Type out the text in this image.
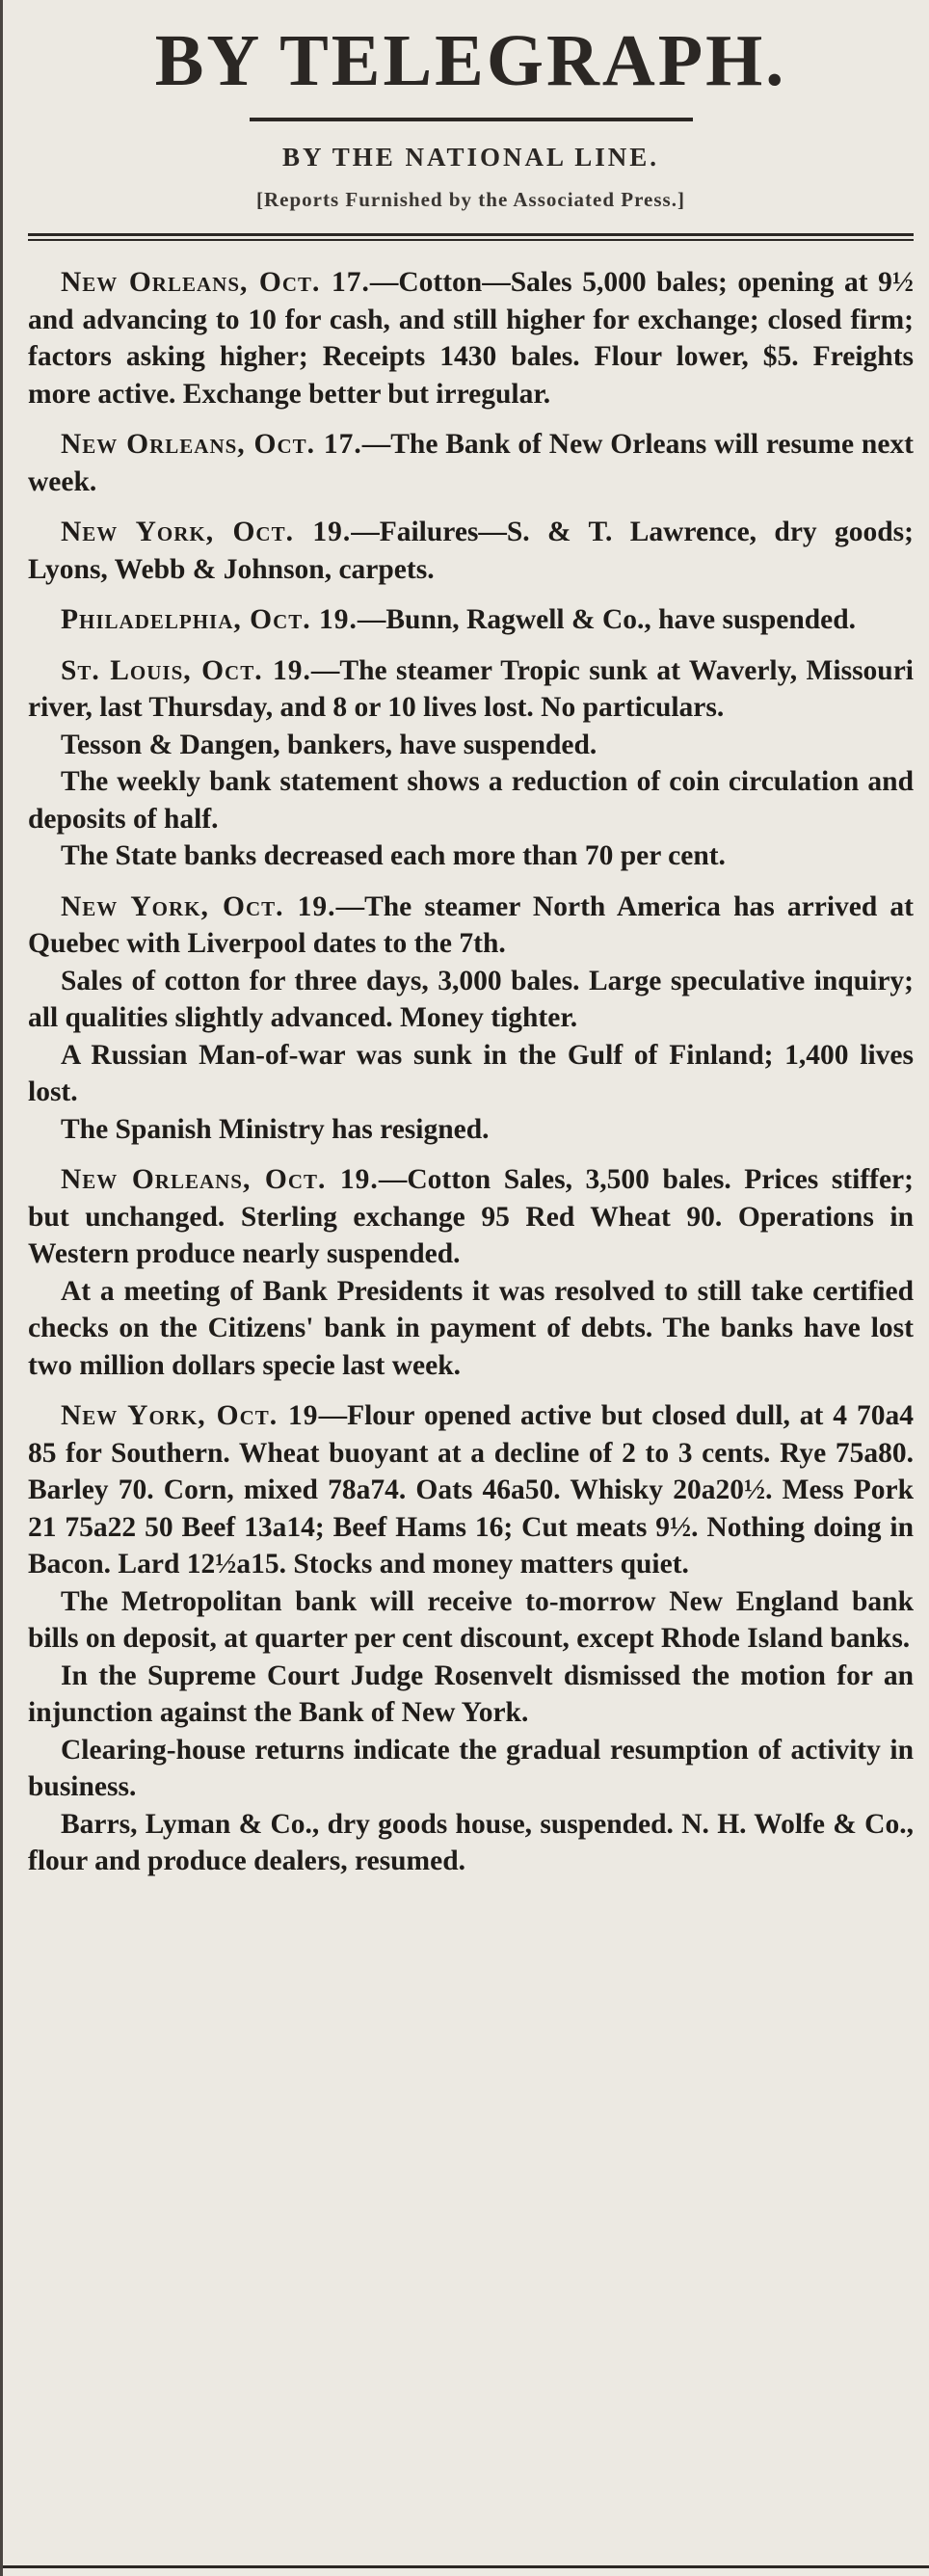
BY TELEGRAPH.
BY THE NATIONAL LINE.
[Reports Furnished by the Associated Press.]

New Orleans, Oct. 17.—Cotton—Sales 5,000 bales; opening at 9½ and advancing to 10 for cash, and still higher for exchange; closed firm; factors asking higher; Receipts 1430 bales. Flour lower, $5. Freights more active. Exchange better but irregular.

New Orleans, Oct. 17.—The Bank of New Orleans will resume next week.

New York, Oct. 19.—Failures—S. & T. Lawrence, dry goods; Lyons, Webb & Johnson, carpets.

Philadelphia, Oct. 19.—Bunn, Ragwell & Co., have suspended.

St. Louis, Oct. 19.—The steamer Tropic sunk at Waverly, Missouri river, last Thursday, and 8 or 10 lives lost. No particulars.

Tesson & Dangen, bankers, have suspended.

The weekly bank statement shows a reduction of coin circulation and deposits of half.

The State banks decreased each more than 70 per cent.

New York, Oct. 19.—The steamer North America has arrived at Quebec with Liverpool dates to the 7th.

Sales of cotton for three days, 3,000 bales. Large speculative inquiry; all qualities slightly advanced. Money tighter.

A Russian Man-of-war was sunk in the Gulf of Finland; 1,400 lives lost.

The Spanish Ministry has resigned.

New Orleans, Oct. 19.—Cotton Sales, 3,500 bales. Prices stiffer; but unchanged. Sterling exchange 95 Red Wheat 90. Operations in Western produce nearly suspended.

At a meeting of Bank Presidents it was resolved to still take certified checks on the Citizens' bank in payment of debts. The banks have lost two million dollars specie last week.

New York, Oct. 19—Flour opened active but closed dull, at 4 70a4 85 for Southern. Wheat buoyant at a decline of 2 to 3 cents. Rye 75a80. Barley 70. Corn, mixed 78a74. Oats 46a50. Whisky 20a20½. Mess Pork 21 75a22 50 Beef 13a14; Beef Hams 16; Cut meats 9½. Nothing doing in Bacon. Lard 12½a15. Stocks and money matters quiet.

The Metropolitan bank will receive to-morrow New England bank bills on deposit, at quarter per cent discount, except Rhode Island banks.

In the Supreme Court Judge Rosenvelt dismissed the motion for an injunction against the Bank of New York.

Clearing-house returns indicate the gradual resumption of activity in business.

Barrs, Lyman & Co., dry goods house, suspended. N. H. Wolfe & Co., flour and produce dealers, resumed.
